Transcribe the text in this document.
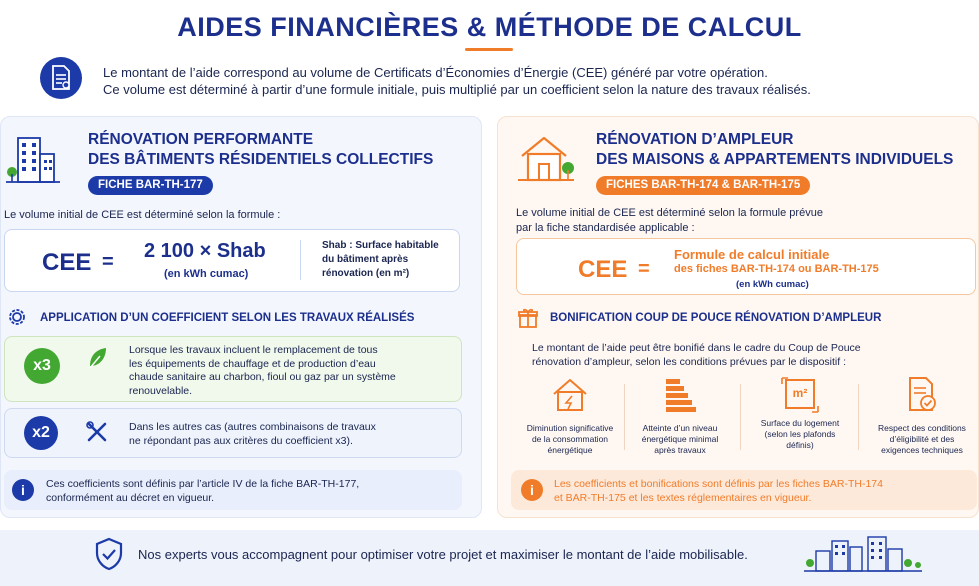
AIDES FINANCIÈRES & MÉTHODE DE CALCUL
Le montant de l’aide correspond au volume de Certificats d’Économies d’Énergie (CEE) généré par votre opération.
Ce volume est déterminé à partir d’une formule initiale, puis multiplié par un coefficient selon la nature des travaux réalisés.
RÉNOVATION PERFORMANTE
DES BÂTIMENTS RÉSIDENTIELS COLLECTIFS
FICHE BAR-TH-177
Le volume initial de CEE est déterminé selon la formule :
CEE = 2 100 × Shab
(en kWh cumac)
Shab : Surface habitable
du bâtiment après
rénovation (en m²)
APPLICATION D’UN COEFFICIENT SELON LES TRAVAUX RÉALISÉS
x3
Lorsque les travaux incluent le remplacement de tous
les équipements de chauffage et de production d’eau
chaude sanitaire au charbon, fioul ou gaz par un système
renouvelable.
x2	Dans les autres cas (autres combinaisons de travaux
ne répondant pas aux critères du coefficient x3).
i	Ces coefficients sont définis par l’article IV de la fiche BAR-TH-177,
conformément au décret en vigueur.
RÉNOVATION D’AMPLEUR
DES MAISONS & APPARTEMENTS INDIVIDUELS
FICHES BAR-TH-174 & BAR-TH-175
Le volume initial de CEE est déterminé selon la formule prévue
par la fiche standardisée applicable :
CEE =
Formule de calcul initiale
des fiches BAR-TH-174 ou BAR-TH-175
(en kWh cumac)
BONIFICATION COUP DE POUCE RÉNOVATION D’AMPLEUR
Le montant de l’aide peut être bonifié dans le cadre du Coup de Pouce
rénovation d’ampleur, selon les conditions prévues par le dispositif :
Diminution significative
de la consommation
énergétique
Atteinte d’un niveau
énergétique minimal
après travaux
m²
Surface du logement
(selon les plafonds
définis)
Respect des conditions
d’éligibilité et des
exigences techniques
i	Les coefficients et bonifications sont définis par les fiches BAR-TH-174
et BAR-TH-175 et les textes réglementaires en vigueur.
Nos experts vous accompagnent pour optimiser votre projet et maximiser le montant de l’aide mobilisable.
